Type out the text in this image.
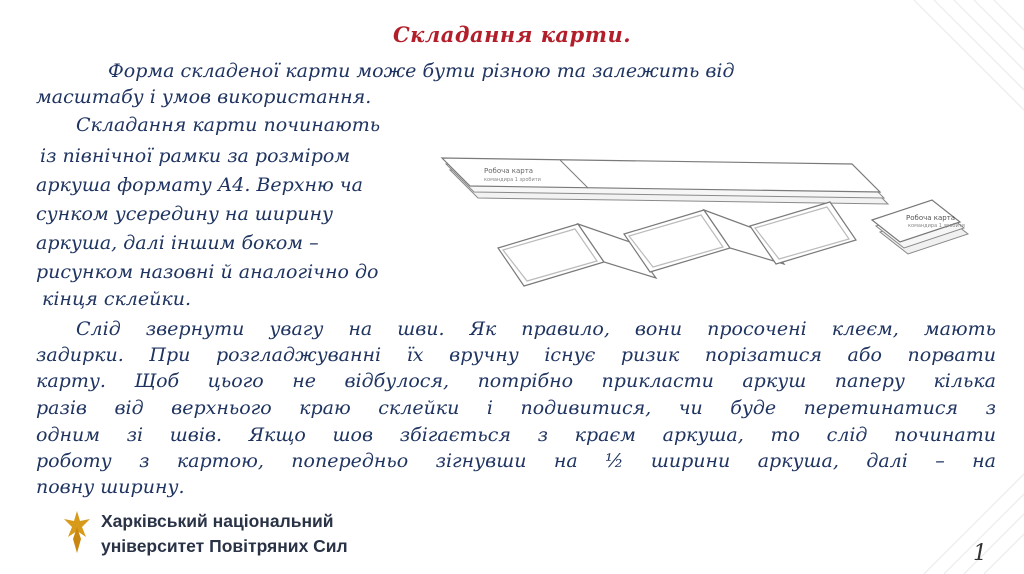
Складання карти.
Форма складеної карти може бути різною та залежить від
масштабу і умов використання.
Складання карти починають
із північної рамки за розміром
аркуша формату А4. Верхню ча
сунком усередину на ширину
аркуша, далі іншим боком –
рисунком назовні й аналогічно до
кінця склейки.
Робоча карта
командира 1 зробити
Робоча карта
командира 1 зробити
Слід звернути увагу на шви. Як правило, вони просочені клеєм, мають
задирки. При розгладжуванні їх вручну існує ризик порізатися або порвати
карту. Щоб цього не відбулося, потрібно прикласти аркуш паперу кілька
разів від верхнього краю склейки і подивитися, чи буде перетинатися з
одним зі швів. Якщо шов збігається з краєм аркуша, то слід починати
роботу з картою, попередньо зігнувши на ½ ширини аркуша, далі – на
повну ширину.
Харківський національний
університет Повітряних Сил	1
